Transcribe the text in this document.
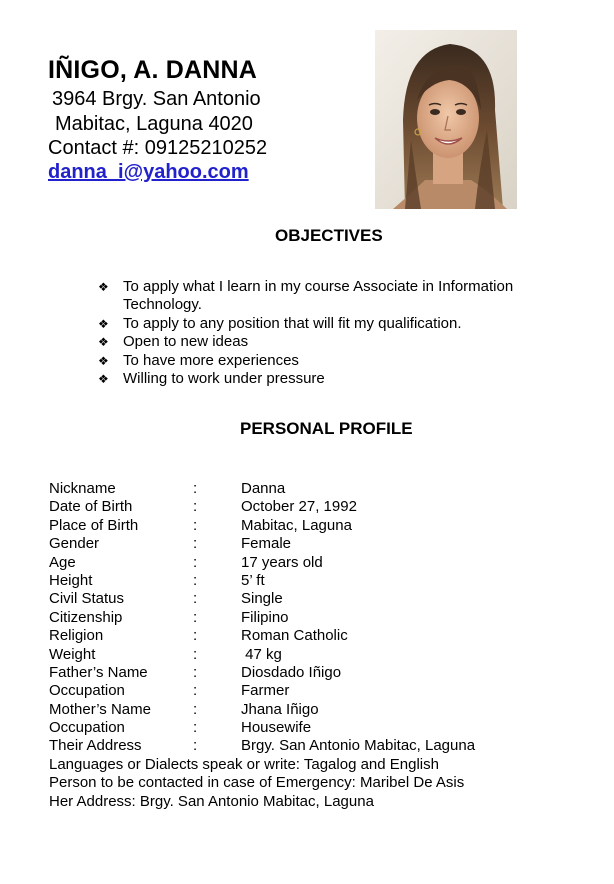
IÑIGO, A. DANNA
3964 Brgy. San Antonio
Mabitac, Laguna 4020
Contact #: 09125210252
danna_i@yahoo.com
OBJECTIVES
❖ To apply what I learn in my course Associate in Information Technology.
❖ To apply to any position that will fit my qualification.
❖ Open to new ideas
❖ To have more experiences
❖ Willing to work under pressure
PERSONAL PROFILE
Nickname	:	Danna
Date of Birth	:	October 27, 1992
Place of Birth	:	Mabitac, Laguna
Gender	:	Female
Age	:	17 years old
Height	:	5’ ft
Civil Status	:	Single
Citizenship	:	Filipino
Religion	:	Roman Catholic
Weight	:	47 kg
Father’s Name	:	Diosdado Iñigo
Occupation	:	Farmer
Mother’s Name	:	Jhana Iñigo
Occupation	:	Housewife
Their Address	:	Brgy. San Antonio Mabitac, Laguna
Languages or Dialects speak or write: Tagalog and English
Person to be contacted in case of Emergency: Maribel De Asis
Her Address: Brgy. San Antonio Mabitac, Laguna
